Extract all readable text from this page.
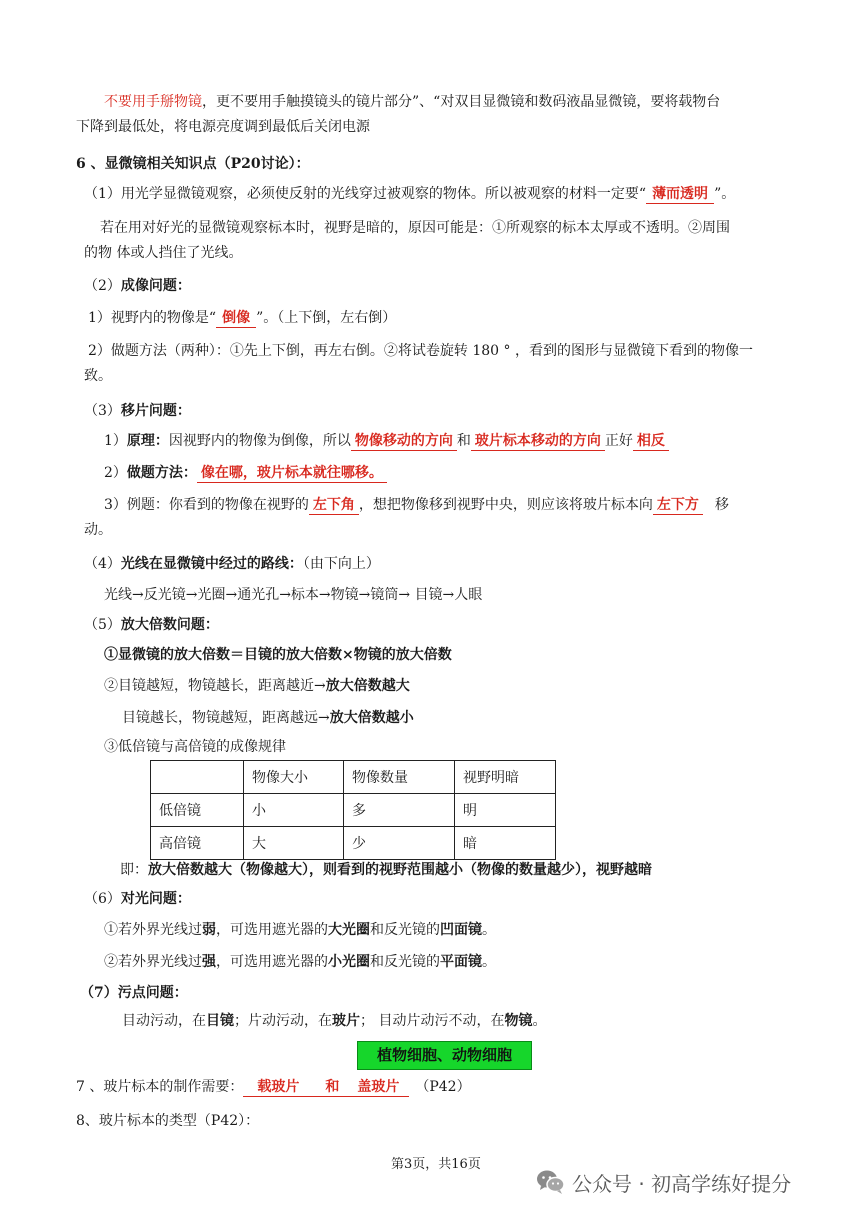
不要用手掰物镜，更不要用手触摸镜头的镜片部分”、“对双目显微镜和数码液晶显微镜，要将载物台
下降到最低处，将电源亮度调到最低后关闭电源
6 、显微镜相关知识点（P20讨论）：
（1）用光学显微镜观察，必须使反射的光线穿过被观察的物体。所以被观察的材料一定要“ 薄而透明 ”。
若在用对好光的显微镜观察标本时，视野是暗的，原因可能是：①所观察的标本太厚或不透明。②周围
的物 体或人挡住了光线。
（2）成像问题：
1）视野内的物像是“ 倒像 ”。（上下倒，左右倒）
2）做题方法（两种）：①先上下倒，再左右倒。②将试卷旋转 180 ° ，看到的图形与显微镜下看到的物像一
致。
（3）移片问题：
1）原理：因视野内的物像为倒像，所以 物像移动的方向 和 玻片标本移动的方向 正好 相反
2）做题方法： 像在哪，玻片标本就往哪移。
3）例题：你看到的物像在视野的 左下角 ，想把物像移到视野中央，则应该将玻片标本向 左下方 移
动。
（4）光线在显微镜中经过的路线：（由下向上）
光线→反光镜→光圈→通光孔→标本→物镜→镜筒→ 目镜→人眼
（5）放大倍数问题：
①显微镜的放大倍数＝目镜的放大倍数×物镜的放大倍数
②目镜越短，物镜越长，距离越近→放大倍数越大
目镜越长，物镜越短，距离越远→放大倍数越小
③低倍镜与高倍镜的成像规律
	物像大小	物像数量	视野明暗
低倍镜	小	多	明
高倍镜	大	少	暗
即：放大倍数越大（物像越大），则看到的视野范围越小（物像的数量越少），视野越暗
（6）对光问题：
①若外界光线过弱，可选用遮光器的大光圈和反光镜的凹面镜。
②若外界光线过强，可选用遮光器的小光圈和反光镜的平面镜。
（7）污点问题：
目动污动，在目镜；片动污动，在玻片； 目动片动污不动，在物镜。
植物细胞、动物细胞
7 、玻片标本的制作需要： 载玻片 和 盖玻片 （P42）
8、玻片标本的类型（P42）：
第3页，共16页
公众号 · 初高学练好提分
